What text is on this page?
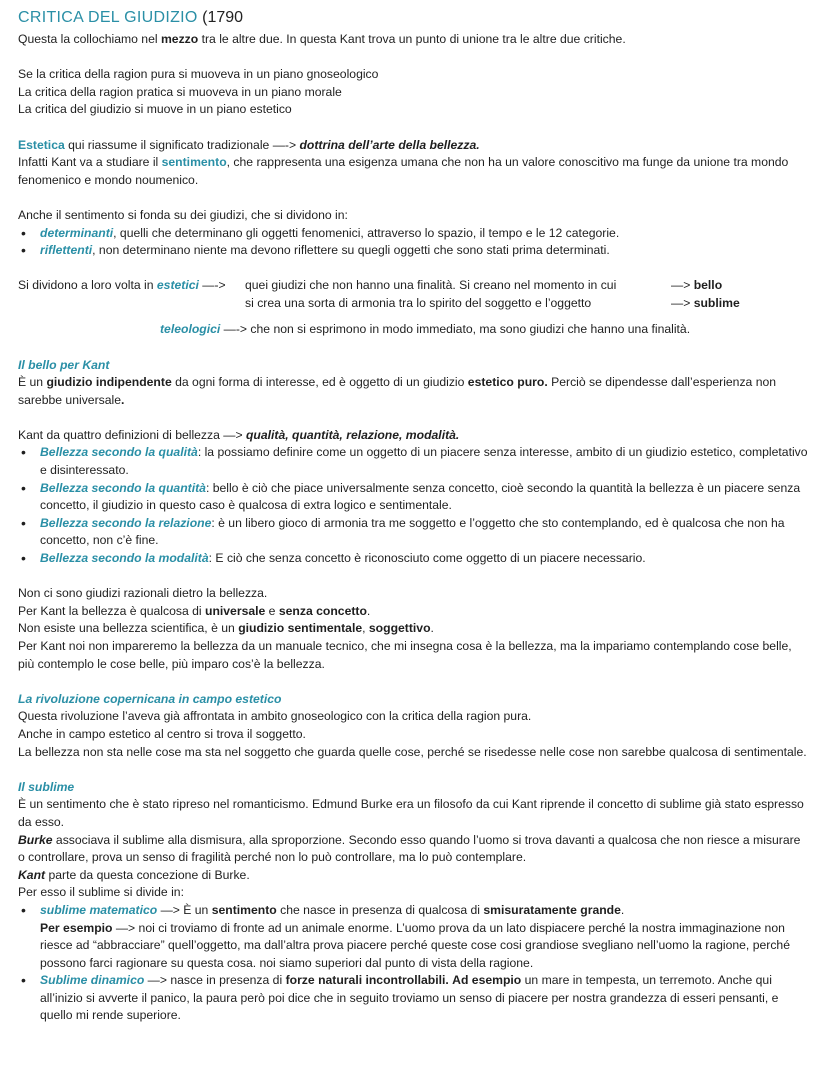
CRITICA DEL GIUDIZIO (1790

Questa la collochiamo nel mezzo tra le altre due. In questa Kant trova un punto di unione tra le altre due critiche.

Se la critica della ragion pura si muoveva in un piano gnoseologico

La critica della ragion pratica si muoveva in un piano morale

La critica del giudizio si muove in un piano estetico

Estetica qui riassume il significato tradizionale —-> dottrina dell’arte della bellezza.

Infatti Kant va a studiare il sentimento, che rappresenta una esigenza umana che non ha un valore conoscitivo ma funge da unione tra mondo fenomenico e mondo noumenico.

Anche il sentimento si fonda su dei giudizi, che si dividono in:

• determinanti, quelli che determinano gli oggetti fenomenici, attraverso lo spazio, il tempo e le 12 categorie.
• riflettenti, non determinano niente ma devono riflettere su quegli oggetti che sono stati prima determinati.
Si dividono a loro volta in estetici —-> quei giudizi che non hanno una finalità. Si creano nel momento in cui

si crea una sorta di armonia tra lo spirito del soggetto e l’oggetto

—> bello

—> sublime

teleologici —-> che non si esprimono in modo immediato, ma sono giudizi che hanno una finalità.

Il bello per Kant

È un giudizio indipendente da ogni forma di interesse, ed è oggetto di un giudizio estetico puro. Perciò se dipendesse dall’esperienza non sarebbe universale.

Kant da quattro definizioni di bellezza —> qualità, quantità, relazione, modalità.

• Bellezza secondo la qualità: la possiamo definire come un oggetto di un piacere senza interesse, ambito di un giudizio estetico, completativo e disinteressato.
• Bellezza secondo la quantità: bello è ciò che piace universalmente senza concetto, cioè secondo la quantità la bellezza è un piacere senza concetto, il giudizio in questo caso è qualcosa di extra logico e sentimentale.
• Bellezza secondo la relazione: è un libero gioco di armonia tra me soggetto e l’oggetto che sto contemplando, ed è qualcosa che non ha concetto, non c’è fine.
• Bellezza secondo la modalità: E ciò che senza concetto è riconosciuto come oggetto di un piacere necessario.

Non ci sono giudizi razionali dietro la bellezza.

Per Kant la bellezza è qualcosa di universale e senza concetto.

Non esiste una bellezza scientifica, è un giudizio sentimentale, soggettivo.

Per Kant noi non impareremo la bellezza da un manuale tecnico, che mi insegna cosa è la bellezza, ma la impariamo contemplando cose belle, più contemplo le cose belle, più imparo cos’è la bellezza.

La rivoluzione copernicana in campo estetico

Questa rivoluzione l’aveva già affrontata in ambito gnoseologico con la critica della ragion pura.

Anche in campo estetico al centro si trova il soggetto.

La bellezza non sta nelle cose ma sta nel soggetto che guarda quelle cose, perché se risedesse nelle cose non sarebbe qualcosa di sentimentale.

Il sublime

È un sentimento che è stato ripreso nel romanticismo. Edmund Burke era un filosofo da cui Kant riprende il concetto di sublime già stato espresso da esso.

Burke associava il sublime alla dismisura, alla sproporzione. Secondo esso quando l’uomo si trova davanti a qualcosa che non riesce a misurare o controllare, prova un senso di fragilità perché non lo può controllare, ma lo può contemplare.

Kant parte da questa concezione di Burke.

Per esso il sublime si divide in:

• sublime matematico —> È un sentimento che nasce in presenza di qualcosa di smisuratamente grande.

Per esempio —> noi ci troviamo di fronte ad un animale enorme. L’uomo prova da un lato dispiacere perché la nostra immaginazione non riesce ad “abbracciare” quell’oggetto, ma dall’altra prova piacere perché queste cose cosi grandiose svegliano nell’uomo la ragione, perché possono farci ragionare su questa cosa. noi siamo superiori dal punto di vista della ragione.

• Sublime dinamico —> nasce in presenza di forze naturali incontrollabili. Ad esempio un mare in tempesta, un terremoto. Anche qui all’inizio si avverte il panico, la paura però poi dice che in seguito troviamo un senso di piacere per nostra grandezza di esseri pensanti, e quello mi rende superiore.
